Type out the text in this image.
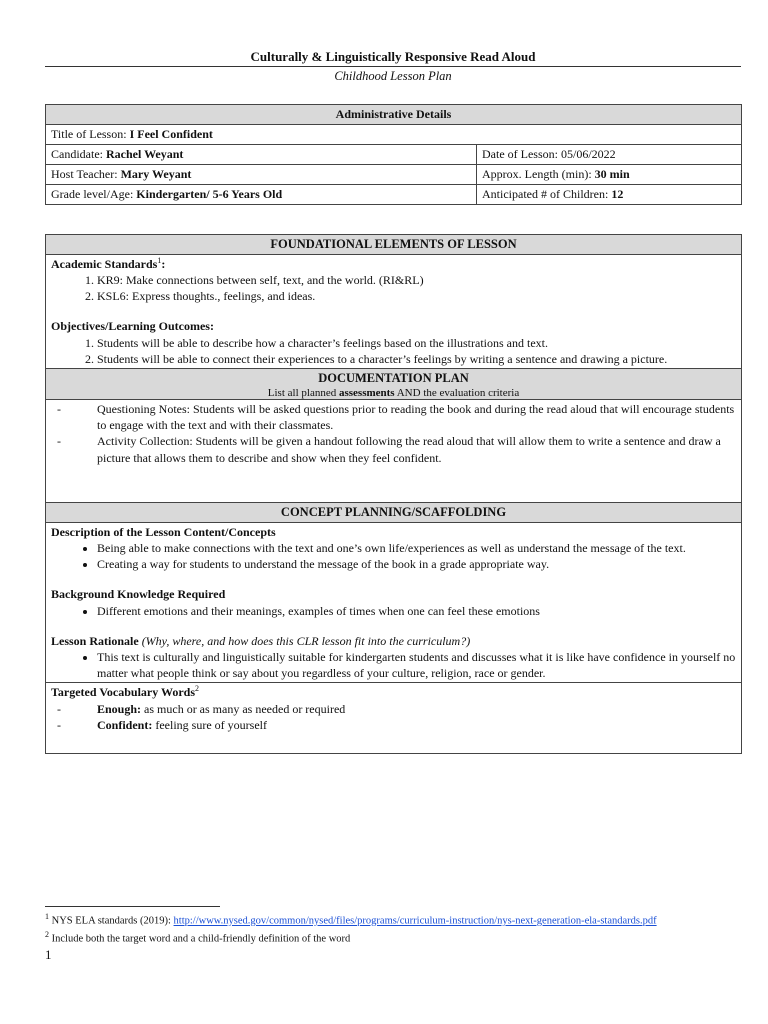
Culturally & Linguistically Responsive Read Aloud
Childhood Lesson Plan
Administrative Details	
Title of Lesson: I Feel Confident	
Candidate: Rachel Weyant	Date of Lesson: 05/06/2022
Host Teacher: Mary Weyant	Approx. Length (min): 30 min
Grade level/Age: Kindergarten/ 5-6 Years Old	Anticipated # of Children: 12
FOUNDATIONAL ELEMENTS OF LESSON
Academic Standards$^1$:
1. KR9: Make connections between self, text, and the world. (RI&RL)
2. KSL6: Express thoughts., feelings, and ideas.
Objectives/Learning Outcomes:
1. Students will be able to describe how a character’s feelings based on the illustrations and text.
2. Students will be able to connect their experiences to a character’s feelings by writing a sentence and drawing a picture.

DOCUMENTATION PLAN
List all planned assessments AND the evaluation criteria

- Questioning Notes: Students will be asked questions prior to reading the book and during the read aloud that will encourage students to engage with the text and with their classmates.
- Activity Collection: Students will be given a handout following the read aloud that will allow them to write a sentence and draw a picture that allows them to describe and show when they feel confident.

CONCEPT PLANNING/SCAFFOLDING
Description of the Lesson Content/Concepts
• Being able to make connections with the text and one’s own life/experiences as well as understand the message of the text.
• Creating a way for students to understand the message of the book in a grade appropriate way.
Background Knowledge Required
• Different emotions and their meanings, examples of times when one can feel these emotions
Lesson Rationale (Why, where, and how does this CLR lesson fit into the curriculum?)
• This text is culturally and linguistically suitable for kindergarten students and discusses what it is like have confidence in yourself no matter what people think or say about you regardless of your culture, religion, race or gender.

Targeted Vocabulary Words$^2$
- Enough: as much or as many as needed or required
- Confident: feeling sure of yourself
$^1$ NYS ELA standards (2019): http://www.nysed.gov/common/nysed/files/programs/curriculum-instruction/nys-next-generation-ela-standards.pdf
$^2$ Include both the target word and a child-friendly definition of the word
1
